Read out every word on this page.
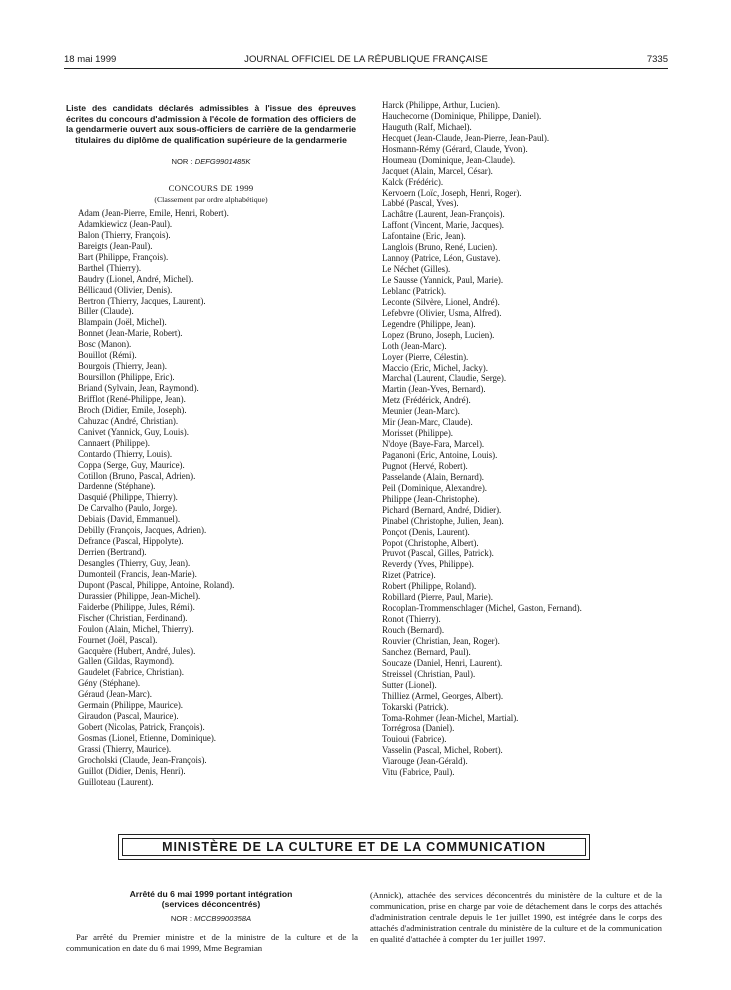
18 mai 1999	JOURNAL OFFICIEL DE LA RÉPUBLIQUE FRANÇAISE	7335
Liste des candidats déclarés admissibles à l'issue des épreuves écrites du concours d'admission à l'école de formation des officiers de la gendarmerie ouvert aux sous-officiers de carrière de la gendarmerie titulaires du diplôme de qualification supérieure de la gendarmerie
NOR : DEFG9901485K
CONCOURS DE 1999
(Classement par ordre alphabétique)
Adam (Jean-Pierre, Emile, Henri, Robert).
Adamkiewicz (Jean-Paul).
Balon (Thierry, François).
Bareigts (Jean-Paul).
Bart (Philippe, François).
Barthel (Thierry).
Baudry (Lionel, André, Michel).
Béllicaud (Olivier, Denis).
Bertron (Thierry, Jacques, Laurent).
Biller (Claude).
Blampain (Joël, Michel).
Bonnet (Jean-Marie, Robert).
Bosc (Manon).
Bouillot (Rémi).
Bourgois (Thierry, Jean).
Boursillon (Philippe, Eric).
Briand (Sylvain, Jean, Raymond).
Brifflot (René-Philippe, Jean).
Broch (Didier, Emile, Joseph).
Cahuzac (André, Christian).
Canivet (Yannick, Guy, Louis).
Cannaert (Philippe).
Contardo (Thierry, Louis).
Coppa (Serge, Guy, Maurice).
Cotillon (Bruno, Pascal, Adrien).
Dardenne (Stéphane).
Dasquié (Philippe, Thierry).
De Carvalho (Paulo, Jorge).
Debiais (David, Emmanuel).
Debilly (François, Jacques, Adrien).
Defrance (Pascal, Hippolyte).
Derrien (Bertrand).
Desangles (Thierry, Guy, Jean).
Dumonteil (Francis, Jean-Marie).
Dupont (Pascal, Philippe, Antoine, Roland).
Durassier (Philippe, Jean-Michel).
Faiderbe (Philippe, Jules, Rémi).
Fischer (Christian, Ferdinand).
Foulon (Alain, Michel, Thierry).
Fournet (Joël, Pascal).
Gacquère (Hubert, André, Jules).
Gallen (Gildas, Raymond).
Gaudelet (Fabrice, Christian).
Gény (Stéphane).
Géraud (Jean-Marc).
Germain (Philippe, Maurice).
Giraudon (Pascal, Maurice).
Gobert (Nicolas, Patrick, François).
Gosmas (Lionel, Etienne, Dominique).
Grassi (Thierry, Maurice).
Grocholski (Claude, Jean-François).
Guillot (Didier, Denis, Henri).
Guilloteau (Laurent).
Harck (Philippe, Arthur, Lucien).
Hauchecorne (Dominique, Philippe, Daniel).
Hauguth (Ralf, Michael).
Hecquet (Jean-Claude, Jean-Pierre, Jean-Paul).
Hosmann-Rémy (Gérard, Claude, Yvon).
Houmeau (Dominique, Jean-Claude).
Jacquet (Alain, Marcel, César).
Kalck (Frédéric).
Kervoern (Loïc, Joseph, Henri, Roger).
Labbé (Pascal, Yves).
Lachâtre (Laurent, Jean-François).
Laffont (Vincent, Marie, Jacques).
Lafontaine (Eric, Jean).
Langlois (Bruno, René, Lucien).
Lannoy (Patrice, Léon, Gustave).
Le Néchet (Gilles).
Le Sausse (Yannick, Paul, Marie).
Leblanc (Patrick).
Leconte (Silvère, Lionel, André).
Lefebvre (Olivier, Usma, Alfred).
Legendre (Philippe, Jean).
Lopez (Bruno, Joseph, Lucien).
Loth (Jean-Marc).
Loyer (Pierre, Célestin).
Maccio (Eric, Michel, Jacky).
Marchal (Laurent, Claudie, Serge).
Martin (Jean-Yves, Bernard).
Metz (Frédérick, André).
Meunier (Jean-Marc).
Mir (Jean-Marc, Claude).
Morisset (Philippe).
N'doye (Baye-Fara, Marcel).
Paganoni (Eric, Antoine, Louis).
Pugnot (Hervé, Robert).
Passelande (Alain, Bernard).
Peil (Dominique, Alexandre).
Philippe (Jean-Christophe).
Pichard (Bernard, André, Didier).
Pinabel (Christophe, Julien, Jean).
Ponçot (Denis, Laurent).
Popot (Christophe, Albert).
Pruvot (Pascal, Gilles, Patrick).
Reverdy (Yves, Philippe).
Rizet (Patrice).
Robert (Philippe, Roland).
Robillard (Pierre, Paul, Marie).
Rocoplan-Trommenschlager (Michel, Gaston, Fernand).
Ronot (Thierry).
Rouch (Bernard).
Rouvier (Christian, Jean, Roger).
Sanchez (Bernard, Paul).
Soucaze (Daniel, Henri, Laurent).
Streissel (Christian, Paul).
Sutter (Lionel).
Thilliez (Armel, Georges, Albert).
Tokarski (Patrick).
Toma-Rohmer (Jean-Michel, Martial).
Torrégrosa (Daniel).
Touioui (Fabrice).
Vasselin (Pascal, Michel, Robert).
Viarouge (Jean-Gérald).
Vitu (Fabrice, Paul).
MINISTÈRE DE LA CULTURE ET DE LA COMMUNICATION
Arrêté du 6 mai 1999 portant intégration
(services déconcentrés)
NOR : MCCB9900358A

Par arrêté du Premier ministre et de la ministre de la culture et de la communication en date du 6 mai 1999, Mme Begramian

(Annick), attachée des services déconcentrés du ministère de la culture et de la communication, prise en charge par voie de détachement dans le corps des attachés d'administration centrale depuis le 1er juillet 1990, est intégrée dans le corps des attachés d'administration centrale du ministère de la culture et de la communication en qualité d'attachée à compter du 1er juillet 1997.
